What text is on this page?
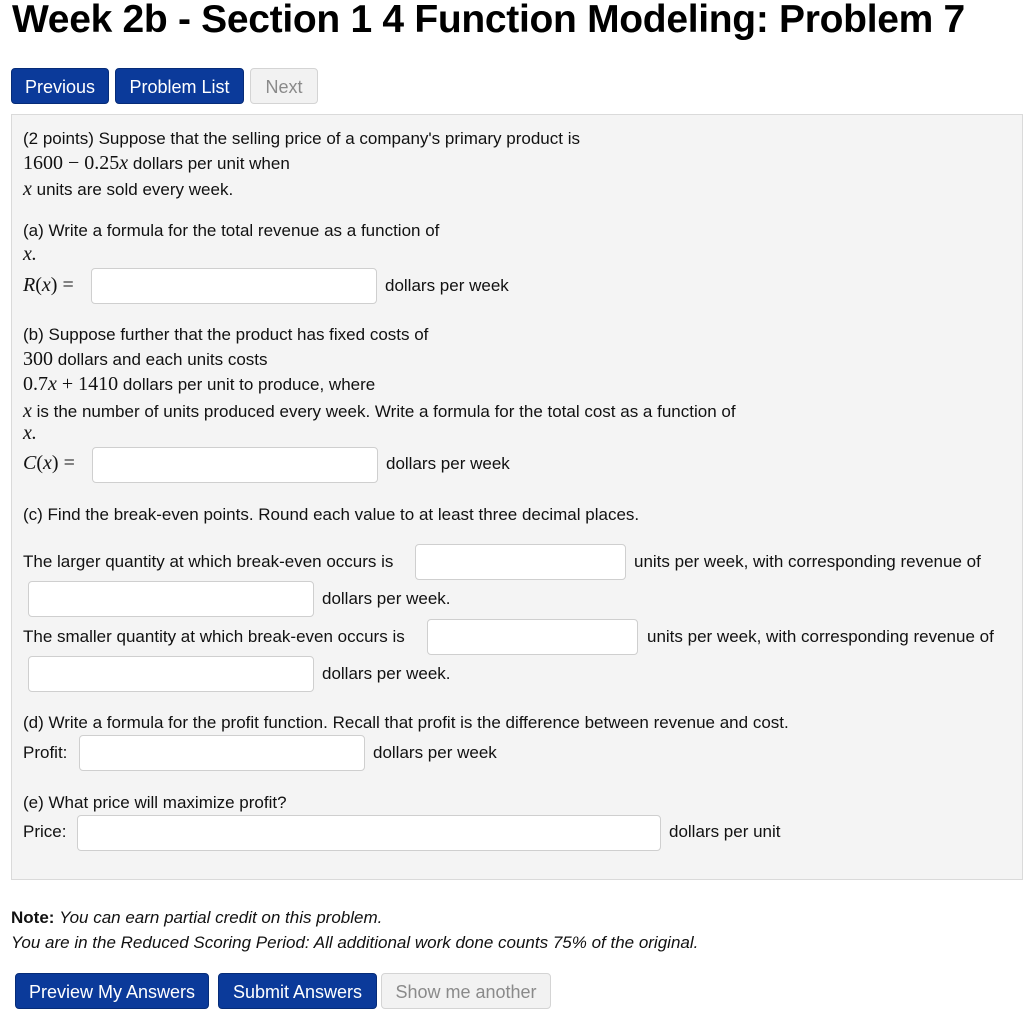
Week 2b - Section 1 4 Function Modeling: Problem 7
Previous	Problem List	Next
(2 points) Suppose that the selling price of a company's primary product is
1600 − 0.25x dollars per unit when
x units are sold every week.
(a) Write a formula for the total revenue as a function of
x.
R(x) =	dollars per week
(b) Suppose further that the product has fixed costs of
300 dollars and each units costs
0.7x + 1410 dollars per unit to produce, where
x is the number of units produced every week. Write a formula for the total cost as a function of
x.
C(x) =	dollars per week
(c) Find the break-even points. Round each value to at least three decimal places.
The larger quantity at which break-even occurs is	units per week, with corresponding revenue of
dollars per week.
The smaller quantity at which break-even occurs is	units per week, with corresponding revenue of
dollars per week.
(d) Write a formula for the profit function. Recall that profit is the difference between revenue and cost.
Profit:	dollars per week
(e) What price will maximize profit?
Price:	dollars per unit
Note: You can earn partial credit on this problem.
You are in the Reduced Scoring Period: All additional work done counts 75% of the original.
Preview My Answers	Submit Answers	Show me another
